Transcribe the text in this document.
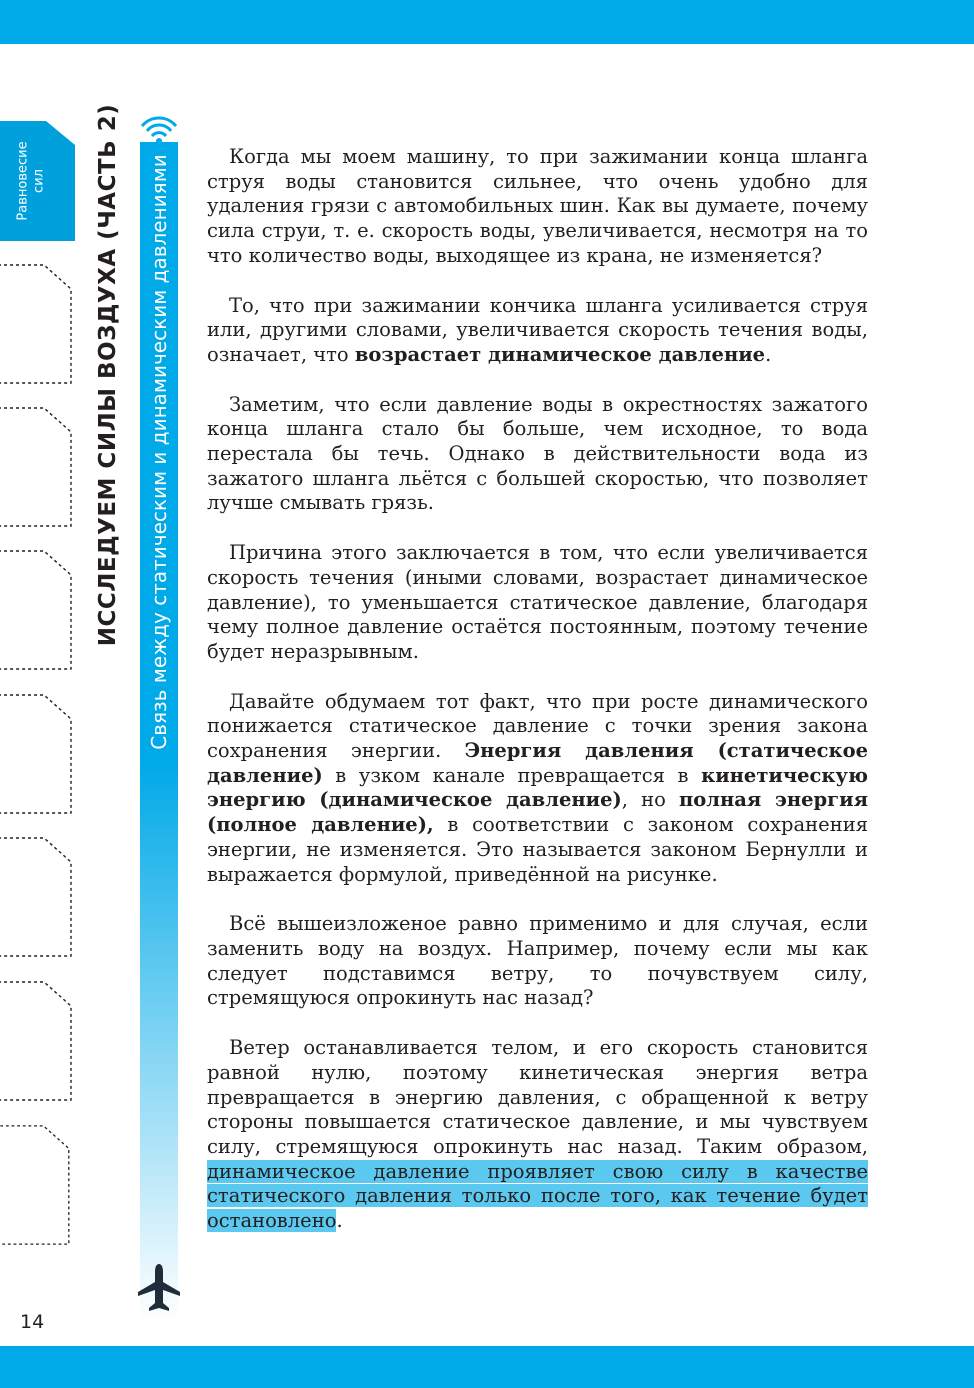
Равновесие
сил ИССЛЕДУЕМ СИЛЫ ВОЗДУХА (ЧАСТЬ 2) Связь между статическим и динамическим давлениями
14

Когда мы моем машину, то при зажимании конца шланга струя воды становится сильнее, что очень удобно для удаления грязи с автомобильных шин. Как вы думаете, почему сила струи, т. е. скорость воды, увеличивается, несмотря на то что количество воды, выходящее из крана, не изменяется?

То, что при зажимании кончика шланга усиливается струя или, другими словами, увеличивается скорость течения воды, означает, что возрастает динамическое давление.

Заметим, что если давление воды в окрестностях зажатого конца шланга стало бы больше, чем исходное, то вода перестала бы течь. Однако в действительности вода из зажатого шланга льётся с большей скоростью, что позволяет лучше смывать грязь.

Причина этого заключается в том, что если увеличивается скорость течения (иными словами, возрастает динамическое давление), то уменьшается статическое давление, благодаря чему полное давление остаётся постоянным, поэтому течение будет неразрывным.

Давайте обдумаем тот факт, что при росте динамического понижается статическое давление с точки зрения закона сохранения энергии. Энергия давления (статическое давление) в узком канале превращается в кинетическую энергию (динамическое давление), но полная энергия (полное давление), в соответствии с законом сохранения энергии, не изменяется. Это называется законом Бернулли и выражается формулой, приведённой на рисунке.

Всё вышеизложеное равно применимо и для случая, если заменить воду на воздух. Например, почему если мы как следует подставимся ветру, то почувствуем силу, стремящуюся опрокинуть нас назад?

Ветер останавливается телом, и его скорость становится равной нулю, поэтому кинетическая энергия ветра превращается в энергию давления, с обращенной к ветру стороны повышается статическое давление, и мы чувствуем силу, стремящуюся опрокинуть нас назад. Таким образом, динамическое давление проявляет свою силу в качестве статического давления только после того, как течение будет остановлено.
